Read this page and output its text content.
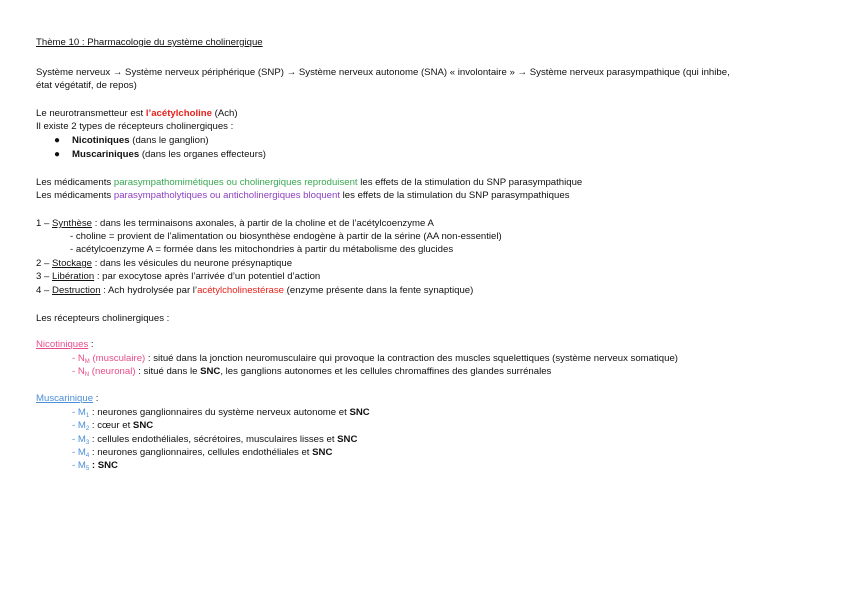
Thème 10 : Pharmacologie du système cholinergique
Système nerveux → Système nerveux périphérique (SNP) → Système nerveux autonome (SNA) « involontaire » → Système nerveux parasympathique (qui inhibe,
état végétatif, de repos)
Le neurotransmetteur est l’acétylcholine (Ach)
Il existe 2 types de récepteurs cholinergiques :
● Nicotiniques (dans le ganglion)
● Muscariniques (dans les organes effecteurs)
Les médicaments parasympathomimétiques ou cholinergiques reproduisent les effets de la stimulation du SNP parasympathique
Les médicaments parasympatholytiques ou anticholinergiques bloquent les effets de la stimulation du SNP parasympathiques
1 – Synthèse : dans les terminaisons axonales, à partir de la choline et de l’acétylcoenzyme A
- choline = provient de l’alimentation ou biosynthèse endogène à partir de la sérine (AA non-essentiel)
- acétylcoenzyme A = formée dans les mitochondries à partir du métabolisme des glucides
2 – Stockage : dans les vésicules du neurone présynaptique
3 – Libération : par exocytose après l’arrivée d’un potentiel d’action
4 – Destruction : Ach hydrolysée par l’acétylcholinestérase (enzyme présente dans la fente synaptique)
Les récepteurs cholinergiques :
Nicotiniques :
- $N_M$ (musculaire) : situé dans la jonction neuromusculaire qui provoque la contraction des muscles squelettiques (système nerveux somatique)
- $N_N$ (neuronal) : situé dans le SNC, les ganglions autonomes et les cellules chromaffines des glandes surrénales
Muscarinique :
- $M_1$ : neurones ganglionnaires du système nerveux autonome et SNC
- $M_2$ : cœur et SNC
- $M_3$ : cellules endothéliales, sécrétoires, musculaires lisses et SNC
- $M_4$ : neurones ganglionnaires, cellules endothéliales et SNC
- $M_5$ : SNC
